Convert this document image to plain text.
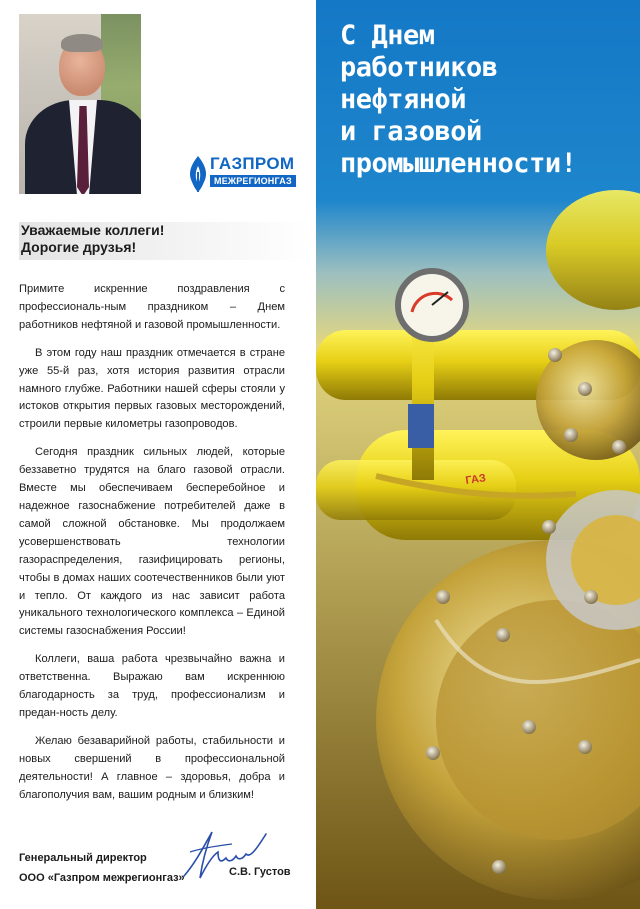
ГАЗПРОМ
МЕЖРЕГИОНГАЗ
Уважаемые коллеги!
Дорогие друзья!

Примите искренние поздравления с профессиональ-ным праздником – Днем работников нефтяной и газовой промышленности.

В этом году наш праздник отмечается в стране уже 55-й раз, хотя история развития отрасли намного глубже. Работники нашей сферы стояли у истоков открытия первых газовых месторождений, строили первые километры газопроводов.

Сегодня праздник сильных людей, которые беззаветно трудятся на благо газовой отрасли. Вместе мы обеспечиваем бесперебойное и надежное газоснабжение потребителей даже в самой сложной обстановке. Мы продолжаем усовершенствовать технологии газораспределения, газифицировать регионы, чтобы в домах наших соотечественников были уют и тепло. От каждого из нас зависит работа уникального технологического комплекса – Единой системы газоснабжения России!

Коллеги, ваша работа чрезвычайно важна и ответственна. Выражаю вам искреннюю благодарность за труд, профессионализм и предан-ность делу.

Желаю безаварийной работы, стабильности и новых свершений в профессиональной деятельности! А главное – здоровья, добра и благополучия вам, вашим родным и близким!

Генеральный директор
ООО «Газпром межрегионгаз»	С.В. Густов
ГАЗ
С Днем
работников
нефтяной
и газовой
промышленности!
